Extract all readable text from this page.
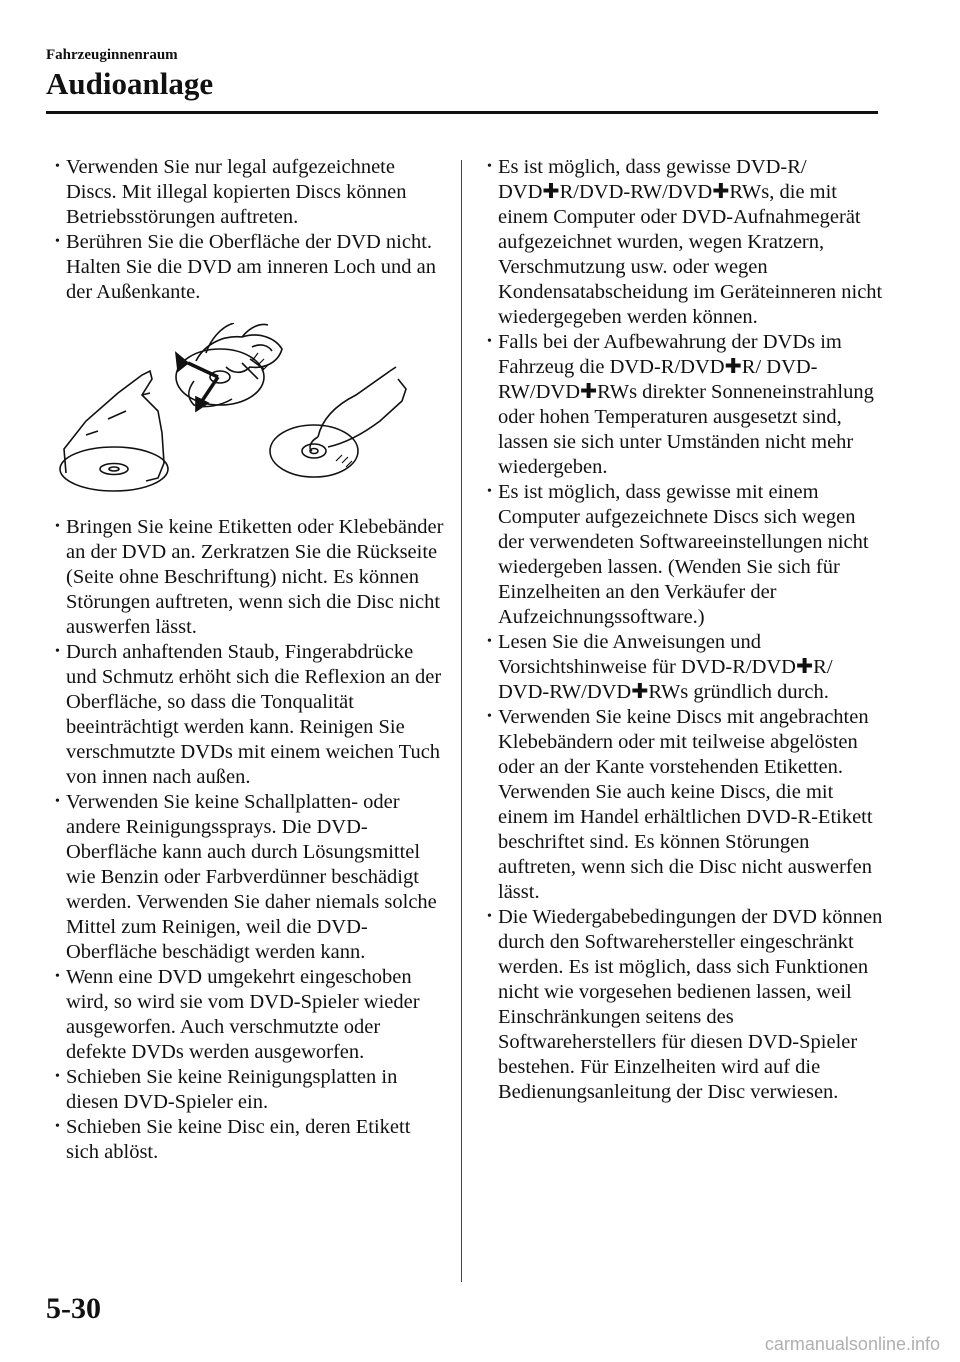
Fahrzeuginnenraum
Audioanlage
• Verwenden Sie nur legal aufgezeichnete Discs. Mit illegal kopierten Discs können Betriebsstörungen auftreten.
• Berühren Sie die Oberfläche der DVD nicht. Halten Sie die DVD am inneren Loch und an der Außenkante.
• Bringen Sie keine Etiketten oder Klebebänder an der DVD an. Zerkratzen Sie die Rückseite (Seite ohne Beschriftung) nicht. Es können Störungen auftreten, wenn sich die Disc nicht auswerfen lässt.
• Durch anhaftenden Staub, Fingerabdrücke und Schmutz erhöht sich die Reflexion an der Oberfläche, so dass die Tonqualität beeinträchtigt werden kann. Reinigen Sie verschmutzte DVDs mit einem weichen Tuch von innen nach außen.
• Verwenden Sie keine Schallplatten- oder andere Reinigungssprays. Die DVD-Oberfläche kann auch durch Lösungsmittel wie Benzin oder Farbverdünner beschädigt werden. Verwenden Sie daher niemals solche Mittel zum Reinigen, weil die DVD-Oberfläche beschädigt werden kann.
• Wenn eine DVD umgekehrt eingeschoben wird, so wird sie vom DVD-Spieler wieder ausgeworfen. Auch verschmutzte oder defekte DVDs werden ausgeworfen.
• Schieben Sie keine Reinigungsplatten in diesen DVD-Spieler ein.
• Schieben Sie keine Disc ein, deren Etikett sich ablöst.
• Es ist möglich, dass gewisse DVD-R/ DVD✚R/DVD-RW/DVD✚RWs, die mit einem Computer oder DVD-Aufnahmegerät aufgezeichnet wurden, wegen Kratzern, Verschmutzung usw. oder wegen Kondensatabscheidung im Geräteinneren nicht wiedergegeben werden können.
• Falls bei der Aufbewahrung der DVDs im Fahrzeug die DVD-R/DVD✚R/ DVD-RW/DVD✚RWs direkter Sonneneinstrahlung oder hohen Temperaturen ausgesetzt sind, lassen sie sich unter Umständen nicht mehr wiedergeben.
• Es ist möglich, dass gewisse mit einem Computer aufgezeichnete Discs sich wegen der verwendeten Softwareeinstellungen nicht wiedergeben lassen. (Wenden Sie sich für Einzelheiten an den Verkäufer der Aufzeichnungssoftware.)
• Lesen Sie die Anweisungen und Vorsichtshinweise für DVD-R/DVD✚R/ DVD-RW/DVD✚RWs gründlich durch.
• Verwenden Sie keine Discs mit angebrachten Klebebändern oder mit teilweise abgelösten oder an der Kante vorstehenden Etiketten. Verwenden Sie auch keine Discs, die mit einem im Handel erhältlichen DVD-R-Etikett beschriftet sind. Es können Störungen auftreten, wenn sich die Disc nicht auswerfen lässt.
• Die Wiedergabebedingungen der DVD können durch den Softwarehersteller eingeschränkt werden. Es ist möglich, dass sich Funktionen nicht wie vorgesehen bedienen lassen, weil Einschränkungen seitens des Softwareherstellers für diesen DVD-Spieler bestehen. Für Einzelheiten wird auf die Bedienungsanleitung der Disc verwiesen.
5-30
carmanualsonline.info
